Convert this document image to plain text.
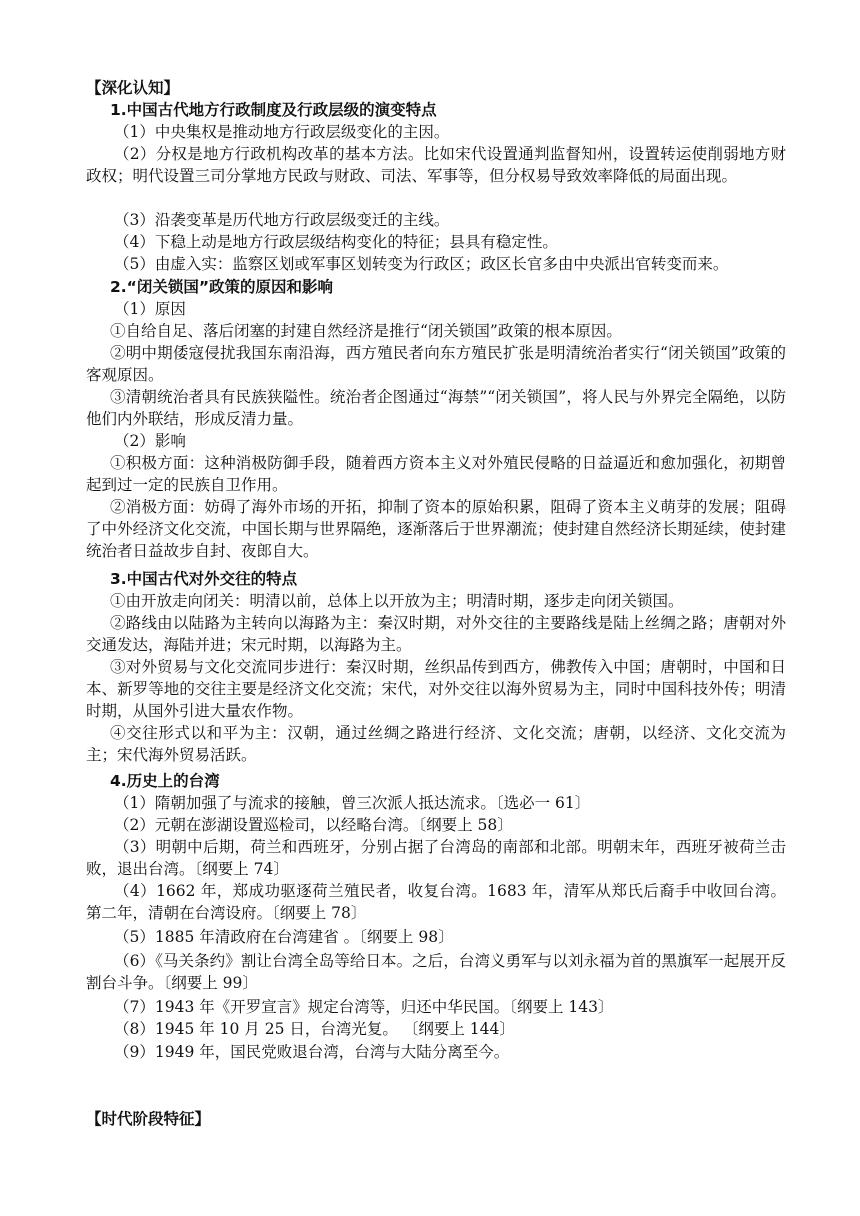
【深化认知】
1.中国古代地方行政制度及行政层级的演变特点
（1）中央集权是推动地方行政层级变化的主因。
（2）分权是地方行政机构改革的基本方法。比如宋代设置通判监督知州，设置转运使削弱地方财政权；明代设置三司分掌地方民政与财政、司法、军事等，但分权易导致效率降低的局面出现。
（3）沿袭变革是历代地方行政层级变迁的主线。
（4）下稳上动是地方行政层级结构变化的特征；县具有稳定性。
（5）由虚入实：监察区划或军事区划转变为行政区；政区长官多由中央派出官转变而来。
2.“闭关锁国”政策的原因和影响
（1）原因
①自给自足、落后闭塞的封建自然经济是推行“闭关锁国”政策的根本原因。
②明中期倭寇侵扰我国东南沿海，西方殖民者向东方殖民扩张是明清统治者实行“闭关锁国”政策的客观原因。
③清朝统治者具有民族狭隘性。统治者企图通过“海禁”“闭关锁国”，将人民与外界完全隔绝，以防他们内外联结，形成反清力量。
（2）影响
①积极方面：这种消极防御手段，随着西方资本主义对外殖民侵略的日益逼近和愈加强化，初期曾起到过一定的民族自卫作用。
②消极方面：妨碍了海外市场的开拓，抑制了资本的原始积累，阻碍了资本主义萌芽的发展；阻碍了中外经济文化交流，中国长期与世界隔绝，逐渐落后于世界潮流；使封建自然经济长期延续，使封建统治者日益故步自封、夜郎自大。
3.中国古代对外交往的特点
①由开放走向闭关：明清以前，总体上以开放为主；明清时期，逐步走向闭关锁国。
②路线由以陆路为主转向以海路为主：秦汉时期，对外交往的主要路线是陆上丝绸之路；唐朝对外交通发达，海陆并进；宋元时期，以海路为主。
③对外贸易与文化交流同步进行：秦汉时期，丝织品传到西方，佛教传入中国；唐朝时，中国和日本、新罗等地的交往主要是经济文化交流；宋代，对外交往以海外贸易为主，同时中国科技外传；明清时期，从国外引进大量农作物。
④交往形式以和平为主：汉朝，通过丝绸之路进行经济、文化交流；唐朝，以经济、文化交流为主；宋代海外贸易活跃。
4.历史上的台湾
（1）隋朝加强了与流求的接触，曾三次派人抵达流求。〔选必一 61〕
（2）元朝在澎湖设置巡检司，以经略台湾。〔纲要上 58〕
（3）明朝中后期，荷兰和西班牙，分别占据了台湾岛的南部和北部。明朝末年，西班牙被荷兰击败，退出台湾。〔纲要上 74〕
（4）1662 年，郑成功驱逐荷兰殖民者，收复台湾。1683 年，清军从郑氏后裔手中收回台湾。第二年，清朝在台湾设府。〔纲要上 78〕
（5）1885 年清政府在台湾建省 。〔纲要上 98〕
（6）《马关条约》割让台湾全岛等给日本。之后，台湾义勇军与以刘永福为首的黑旗军一起展开反割台斗争。〔纲要上 99〕
（7）1943 年《开罗宣言》规定台湾等，归还中华民国。〔纲要上 143〕
（8）1945 年 10 月 25 日，台湾光复。 〔纲要上 144〕
（9）1949 年，国民党败退台湾，台湾与大陆分离至今。
【时代阶段特征】
